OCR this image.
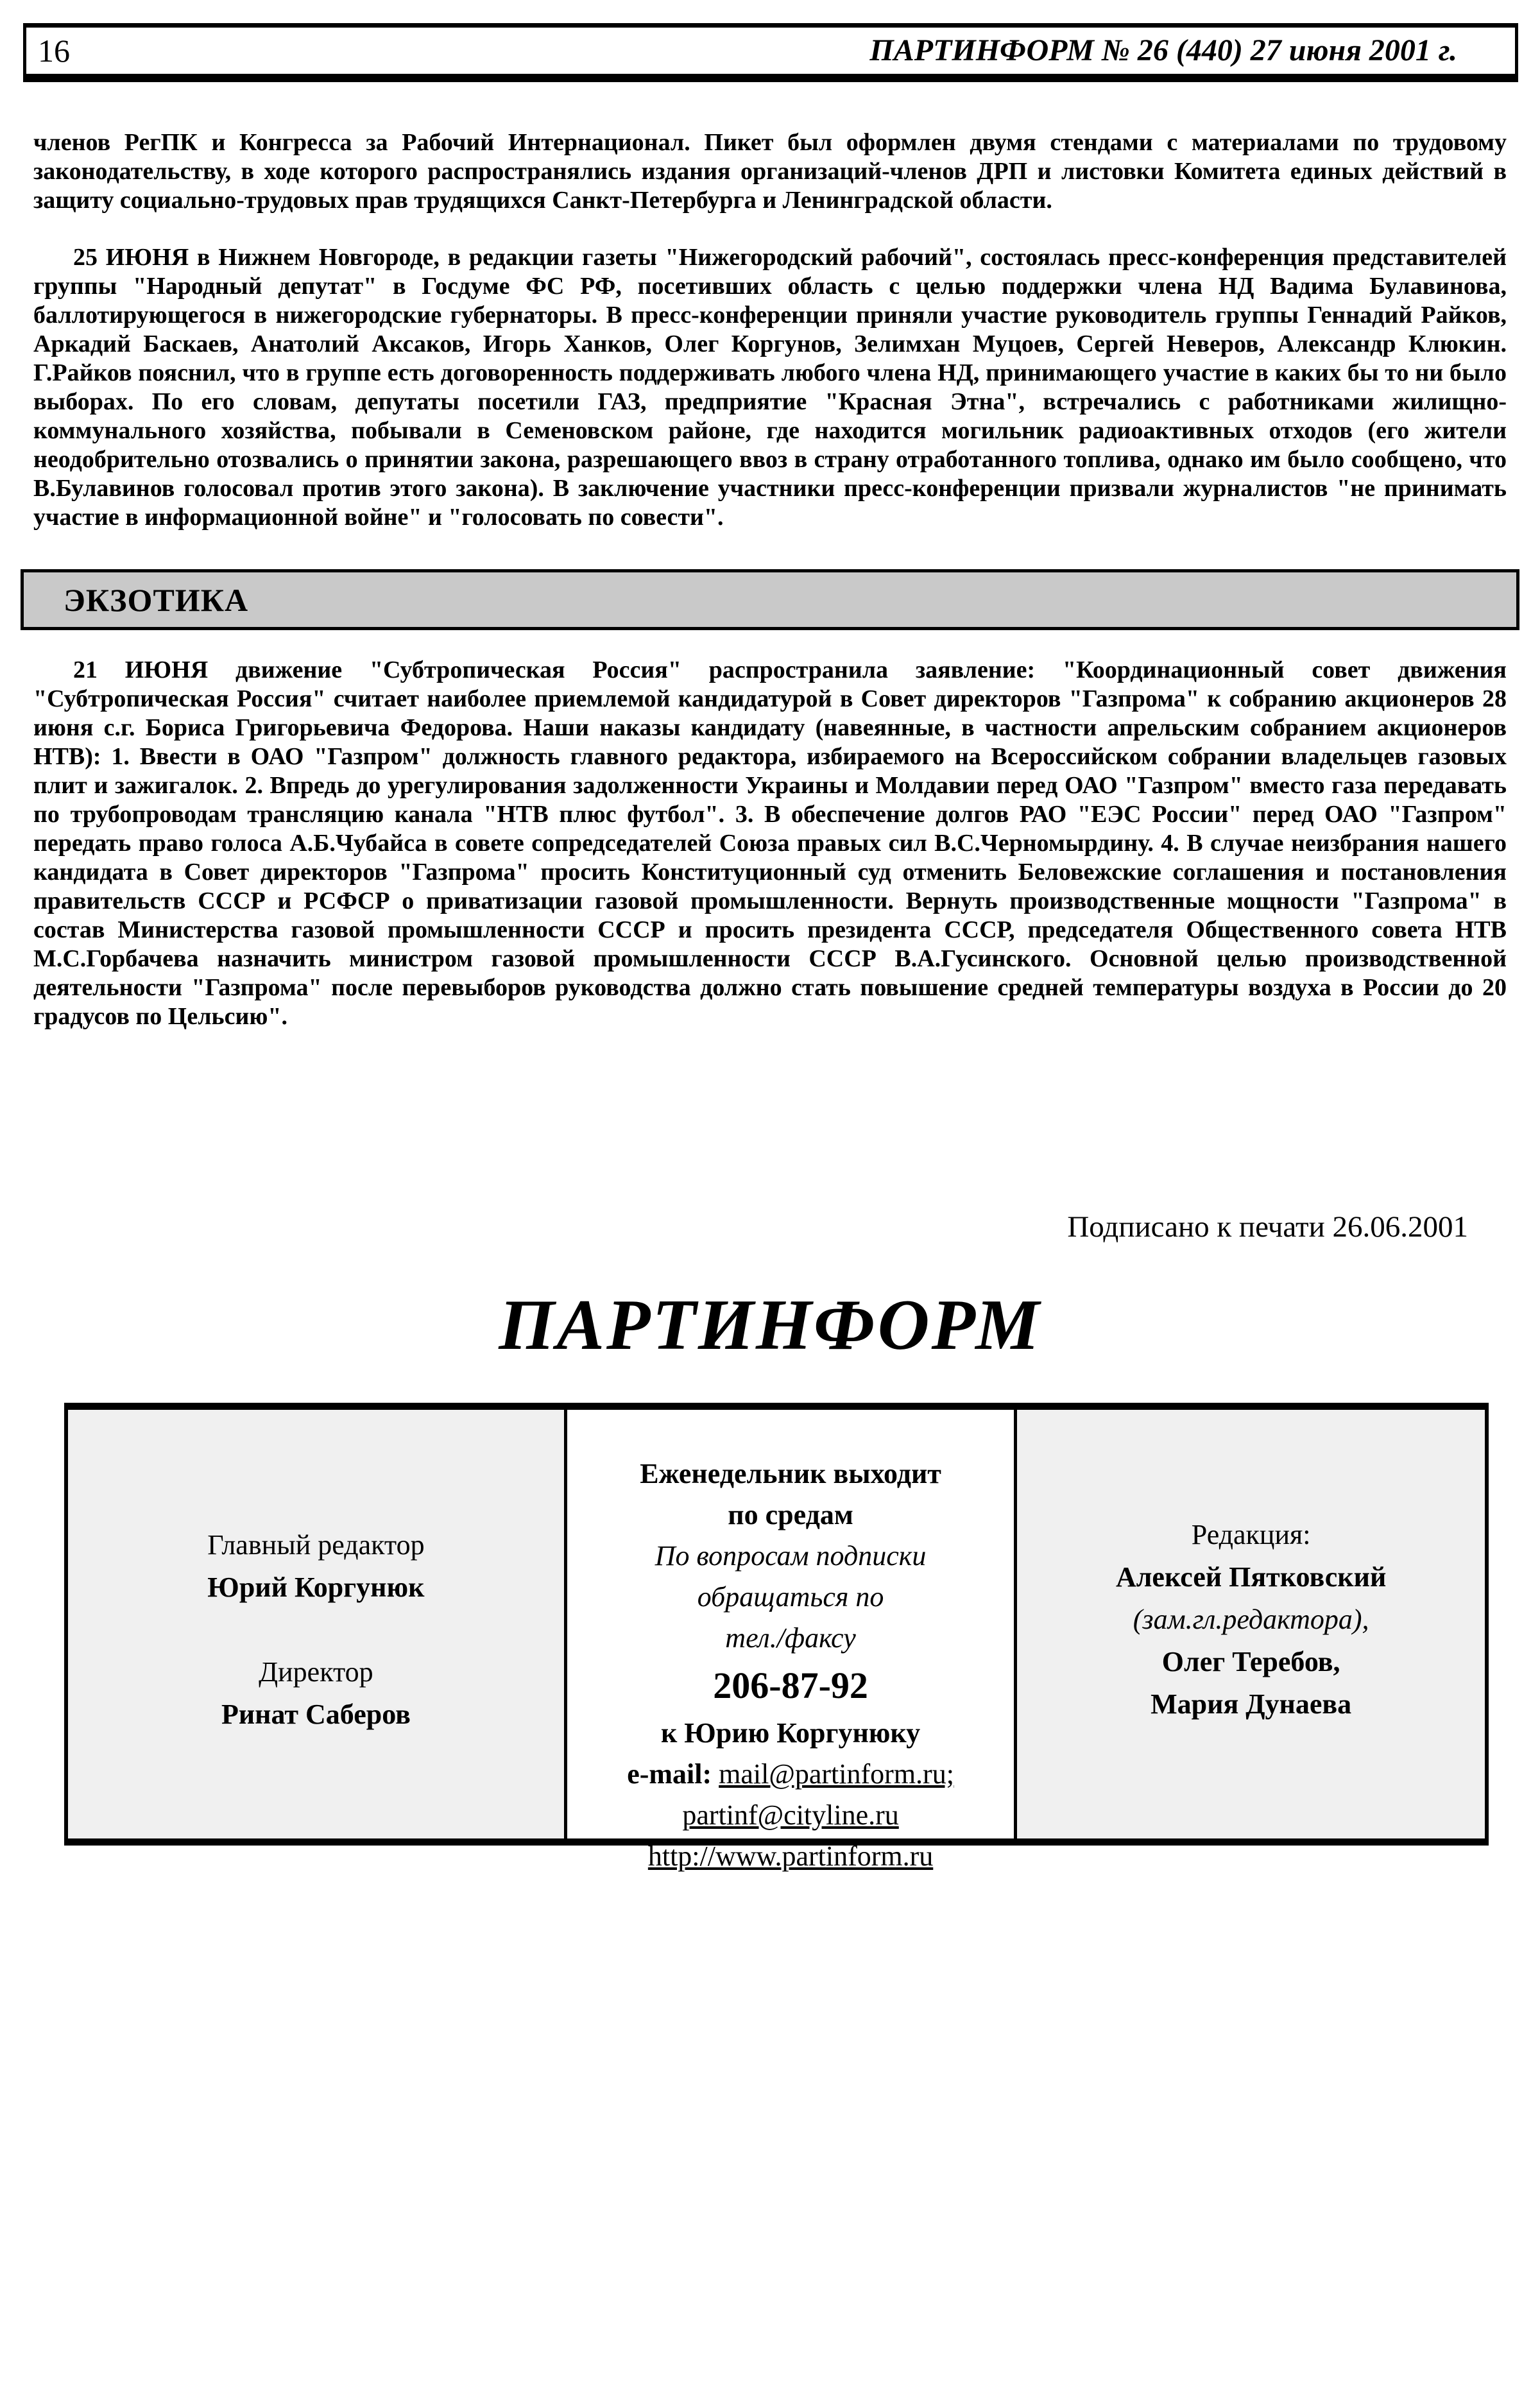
16	ПАРТИНФОРМ № 26 (440) 27 июня 2001 г.

членов РегПК и Конгресса за Рабочий Интернационал. Пикет был оформлен двумя стендами с материалами по трудовому законодательству, в ходе которого распространялись издания организаций-членов ДРП и листовки Комитета единых действий в защиту социально-трудовых прав трудящихся Санкт-Петербурга и Ленинградской области.

25 ИЮНЯ в Нижнем Новгороде, в редакции газеты "Нижегородский рабочий", состоялась пресс-конференция представителей группы "Народный депутат" в Госдуме ФС РФ, посетивших область с целью поддержки члена НД Вадима Булавинова, баллотирующегося в нижегородские губернаторы. В пресс-конференции приняли участие руководитель группы Геннадий Райков, Аркадий Баскаев, Анатолий Аксаков, Игорь Ханков, Олег Коргунов, Зелимхан Муцоев, Сергей Неверов, Александр Клюкин. Г.Райков пояснил, что в группе есть договоренность поддерживать любого члена НД, принимающего участие в каких бы то ни было выборах. По его словам, депутаты посетили ГАЗ, предприятие "Красная Этна", встречались с работниками жилищно-коммунального хозяйства, побывали в Семеновском районе, где находится могильник радиоактивных отходов (его жители неодобрительно отозвались о принятии закона, разрешающего ввоз в страну отработанного топлива, однако им было сообщено, что В.Булавинов голосовал против этого закона). В заключение участники пресс-конференции призвали журналистов "не принимать участие в информационной войне" и "голосовать по совести".

ЭКЗОТИКА

21 ИЮНЯ движение "Субтропическая Россия" распространила заявление: "Координационный совет движения "Субтропическая Россия" считает наиболее приемлемой кандидатурой в Совет директоров "Газпрома" к собранию акционеров 28 июня с.г. Бориса Григорьевича Федорова. Наши наказы кандидату (навеянные, в частности апрельским собранием акционеров НТВ): 1. Ввести в ОАО "Газпром" должность главного редактора, избираемого на Всероссийском собрании владельцев газовых плит и зажигалок. 2. Впредь до урегулирования задолженности Украины и Молдавии перед ОАО "Газпром" вместо газа передавать по трубопроводам трансляцию канала "НТВ плюс футбол". 3. В обеспечение долгов РАО "ЕЭС России" перед ОАО "Газпром" передать право голоса А.Б.Чубайса в совете сопредседателей Союза правых сил В.С.Черномырдину. 4. В случае неизбрания нашего кандидата в Совет директоров "Газпрома" просить Конституционный суд отменить Беловежские соглашения и постановления правительств СССР и РСФСР о приватизации газовой промышленности. Вернуть производственные мощности "Газпрома" в состав Министерства газовой промышленности СССР и просить президента СССР, председателя Общественного совета НТВ М.С.Горбачева назначить министром газовой промышленности СССР В.А.Гусинского. Основной целью производственной деятельности "Газпрома" после перевыборов руководства должно стать повышение средней температуры воздуха в России до 20 градусов по Цельсию".

Подписано к печати 26.06.2001
ПАРТИНФОРМ
Главный редактор
Юрий Коргунюк
Директор
Ринат Саберов
Еженедельник выходит
по средам
По вопросам подписки
обращаться по
тел./факсу
206-87-92
к Юрию Коргунюку
e-mail: mail@partinform.ru;
partinf@cityline.ru
http://www.partinform.ru
Редакция:
Алексей Пятковский
(зам.гл.редактора),
Олег Теребов,
Мария Дунаева
